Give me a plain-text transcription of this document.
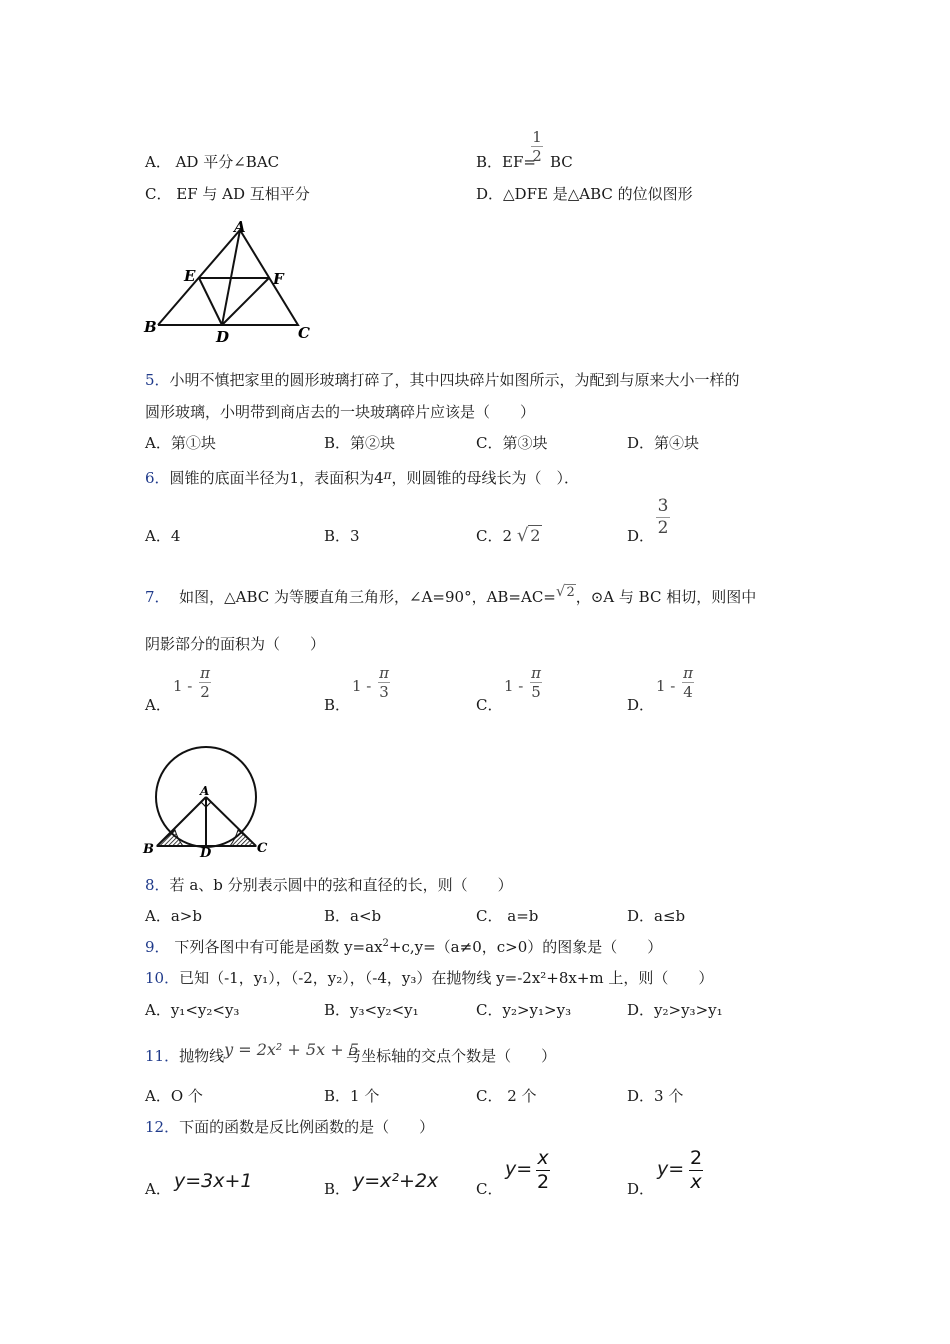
A． AD 平分∠BAC	B．EF= BC
1
2
C． EF 与 AD 互相平分	D．△DFE 是△ABC 的位似图形
A
E	F
B
D	C
5．小明不慎把家里的圆形玻璃打碎了，其中四块碎片如图所示，为配到与原来大小一样的
圆形玻璃，小明带到商店去的一块玻璃碎片应该是（　　）
A．第①块	B．第②块	C．第③块	D．第④块
6．圆锥的底面半径为1，表面积为$4^\pi$，则圆锥的母线长为（　）．
A．4	B．3	C．2 √ 2	D．
3
2
7． 如图，△ABC 为等腰直角三角形，∠A=90°，AB=AC=√2，⊙A 与 BC 相切，则图中
阴影部分的面积为（　　）
A．
1 -
π
2
B．
1 -
π
3
C．
1 -
π
5
D．
1 -
π
4
A
B	D	C
8．若 a、b 分别表示圆中的弦和直径的长，则（　　）
A．a>b	B．a<b	C． a=b	D．a≤b
9． 下列各图中有可能是函数 $y=ax^2+c,y=(a\ne 0$，c>0）的图象是（　　）
10．已知（-1，y₁），（-2，y₂），（-4，y₃）在抛物线 y=-2x²+8x+m 上，则（　　）
A．y₁<y₂<y₃	B．y₃<y₂<y₁	C．y₂>y₁>y₃	D．y₂>y₃>y₁
11．抛物线y = 2x² + 5x + 5与坐标轴的交点个数是（　　）
A．O 个	B．1 个	C． 2 个	D．3 个
12．下面的函数是反比例函数的是（　　）
A． y=3x+1	B． y=x²+2x	C．
y= x
2	D．
y= 2
x
